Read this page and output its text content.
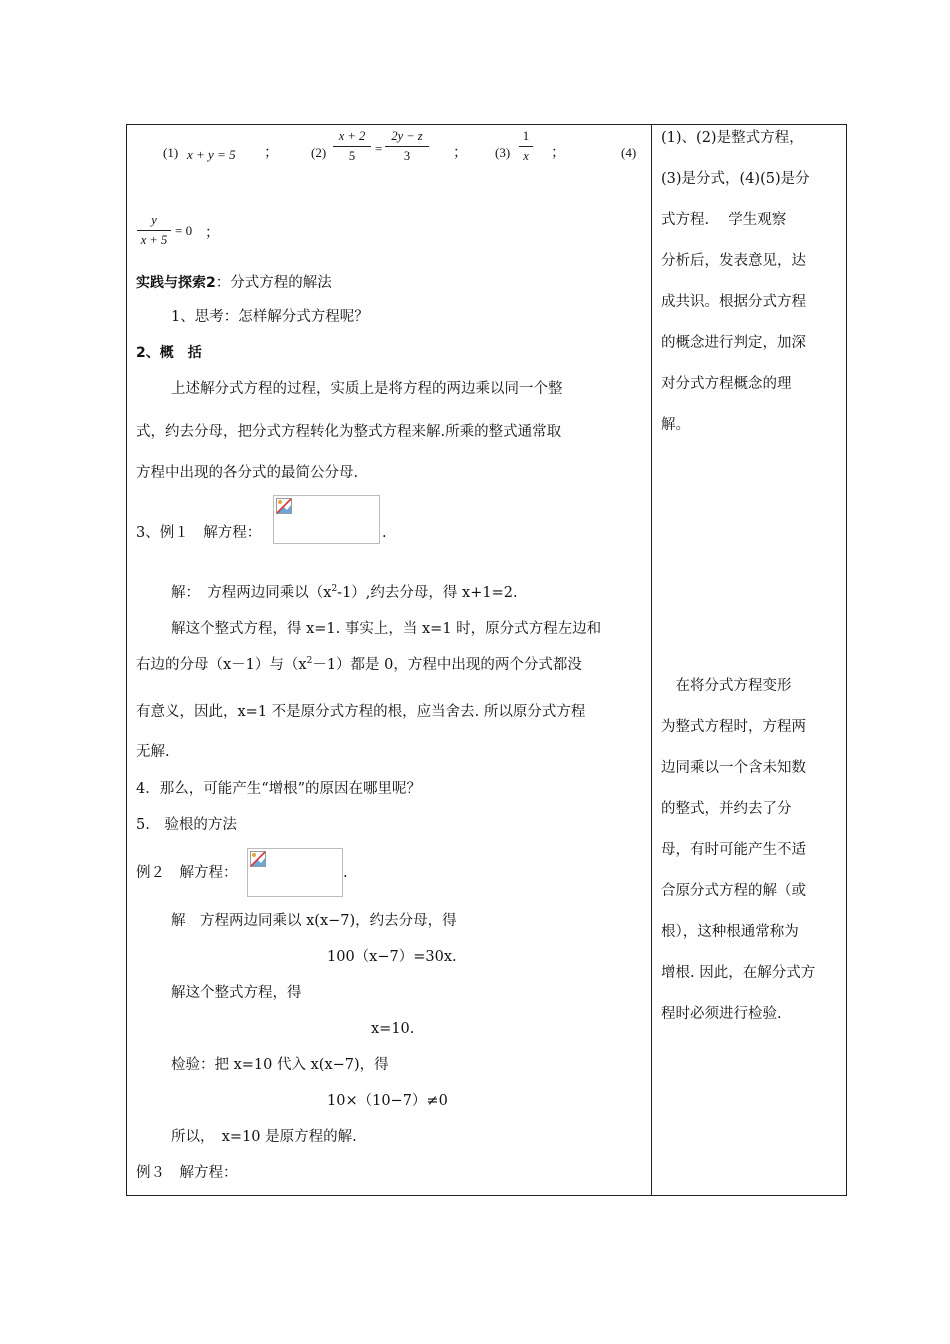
(1) x + y = 5 ；	(2)
x + 2
5	=
2y − z
3	； (3)
1
x ；	(4)
y
x + 5
= 0 ；
实践与探索2：分式方程的解法
1、思考：怎样解分式方程呢？
2、概　括
上述解分式方程的过程，实质上是将方程的两边乘以同一个整
式，约去分母，把分式方程转化为整式方程来解.所乘的整式通常取
方程中出现的各分式的最简公分母.
3、例１　解方程：	.
解：　方程两边同乘以$(x^2-1)$,约去分母，得 x+1=2.
解这个整式方程，得 x=1. 事实上，当 x=1 时，原分式方程左边和
右边的分母（x－1）与$(x^2-1)$都是 0，方程中出现的两个分式都没
有意义，因此，x=1 不是原分式方程的根，应当舍去. 所以原分式方程
无解.
4．那么，可能产生“增根”的原因在哪里呢？
5.　验根的方法
例２　解方程：	.
解　方程两边同乘以 x(x−7)，约去分母，得
100（x−7）=30x.
解这个整式方程，得
x=10.
检验：把 x=10 代入 x(x−7)，得
10×（10−7）≠0
所以，　x=10 是原方程的解.
例３　解方程：
(1)、(2)是整式方程，
(3)是分式，(4)(5)是分
式方程.　 学生观察
分析后，发表意见，达
成共识。根据分式方程
的概念进行判定，加深
对分式方程概念的理
解。
　在将分式方程变形
为整式方程时，方程两
边同乘以一个含未知数
的整式，并约去了分
母，有时可能产生不适
合原分式方程的解（或
根），这种根通常称为
增根. 因此，在解分式方
程时必须进行检验.
